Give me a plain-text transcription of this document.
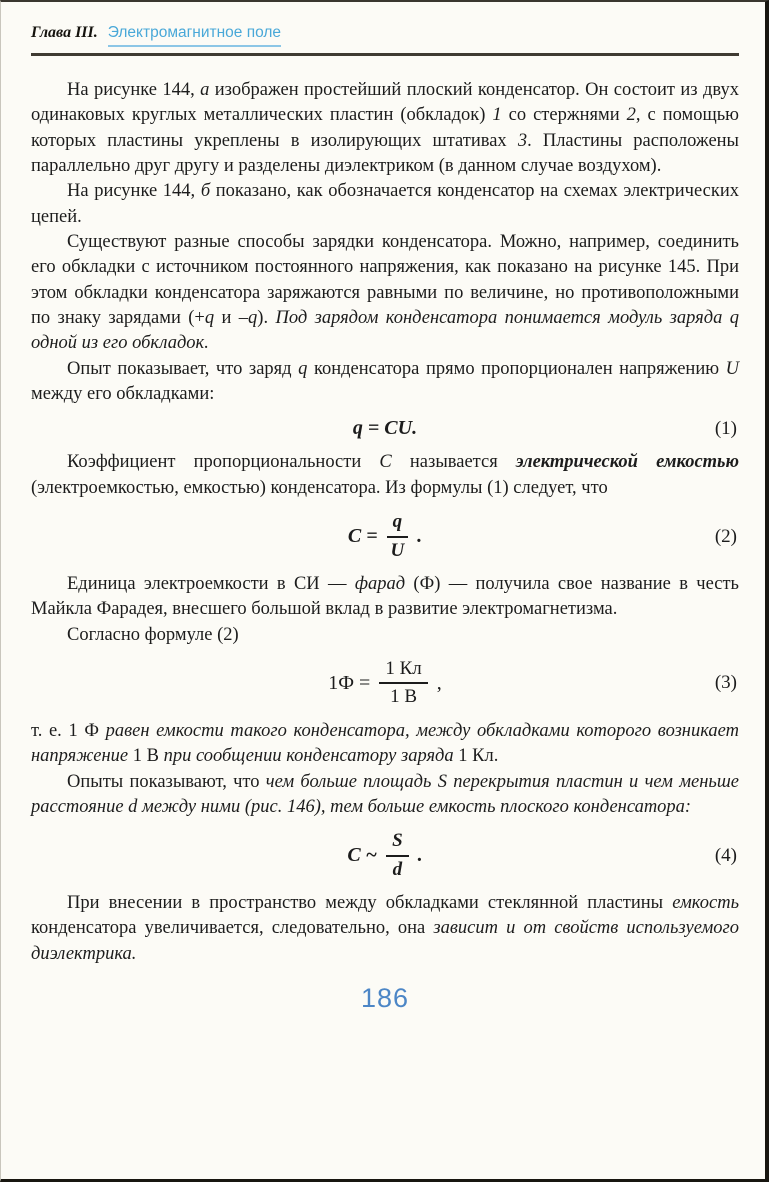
Глава III. Электромагнитное поле

На рисунке 144, а изображен простейший плоский конденсатор. Он состоит из двух одинаковых круглых металлических пластин (обкладок) 1 со стержнями 2, с помощью которых пластины укреплены в изолирующих штативах 3. Пластины расположены параллельно друг другу и разделены диэлектриком (в данном случае воздухом).

На рисунке 144, б показано, как обозначается конденсатор на схемах электрических цепей.

Существуют разные способы зарядки конденсатора. Можно, например, соединить его обкладки с источником постоянного напряжения, как показано на рисунке 145. При этом обкладки конденсатора заряжаются равными по величине, но противоположными по знаку зарядами (+q и –q). Под зарядом конденсатора понимается модуль заряда q одной из его обкладок.

Опыт показывает, что заряд q конденсатора прямо пропорционален напряжению U между его обкладками:

q = CU.	(1)

Коэффициент пропорциональности C называется электрической емкостью (электроемкостью, емкостью) конденсатора. Из формулы (1) следует, что

$C = \frac{q}{U}$ .	(2)

Единица электроемкости в СИ — фарад (Ф) — получила свое название в честь Майкла Фарадея, внесшего большой вклад в развитие электромагнетизма.

Согласно формуле (2)

$1Ф = \frac{1 Кл}{1 В}$ ,	(3)

т. е. 1 Ф равен емкости такого конденсатора, между обкладками которого возникает напряжение 1 В при сообщении конденсатору заряда 1 Кл.

Опыты показывают, что чем больше площадь S перекрытия пластин и чем меньше расстояние d между ними (рис. 146), тем больше емкость плоского конденсатора:

C ~ $\frac{S}{d}$ .	(4)

При внесении в пространство между обкладками стеклянной пластины емкость конденсатора увеличивается, следовательно, она зависит и от свойств используемого диэлектрика.

186
